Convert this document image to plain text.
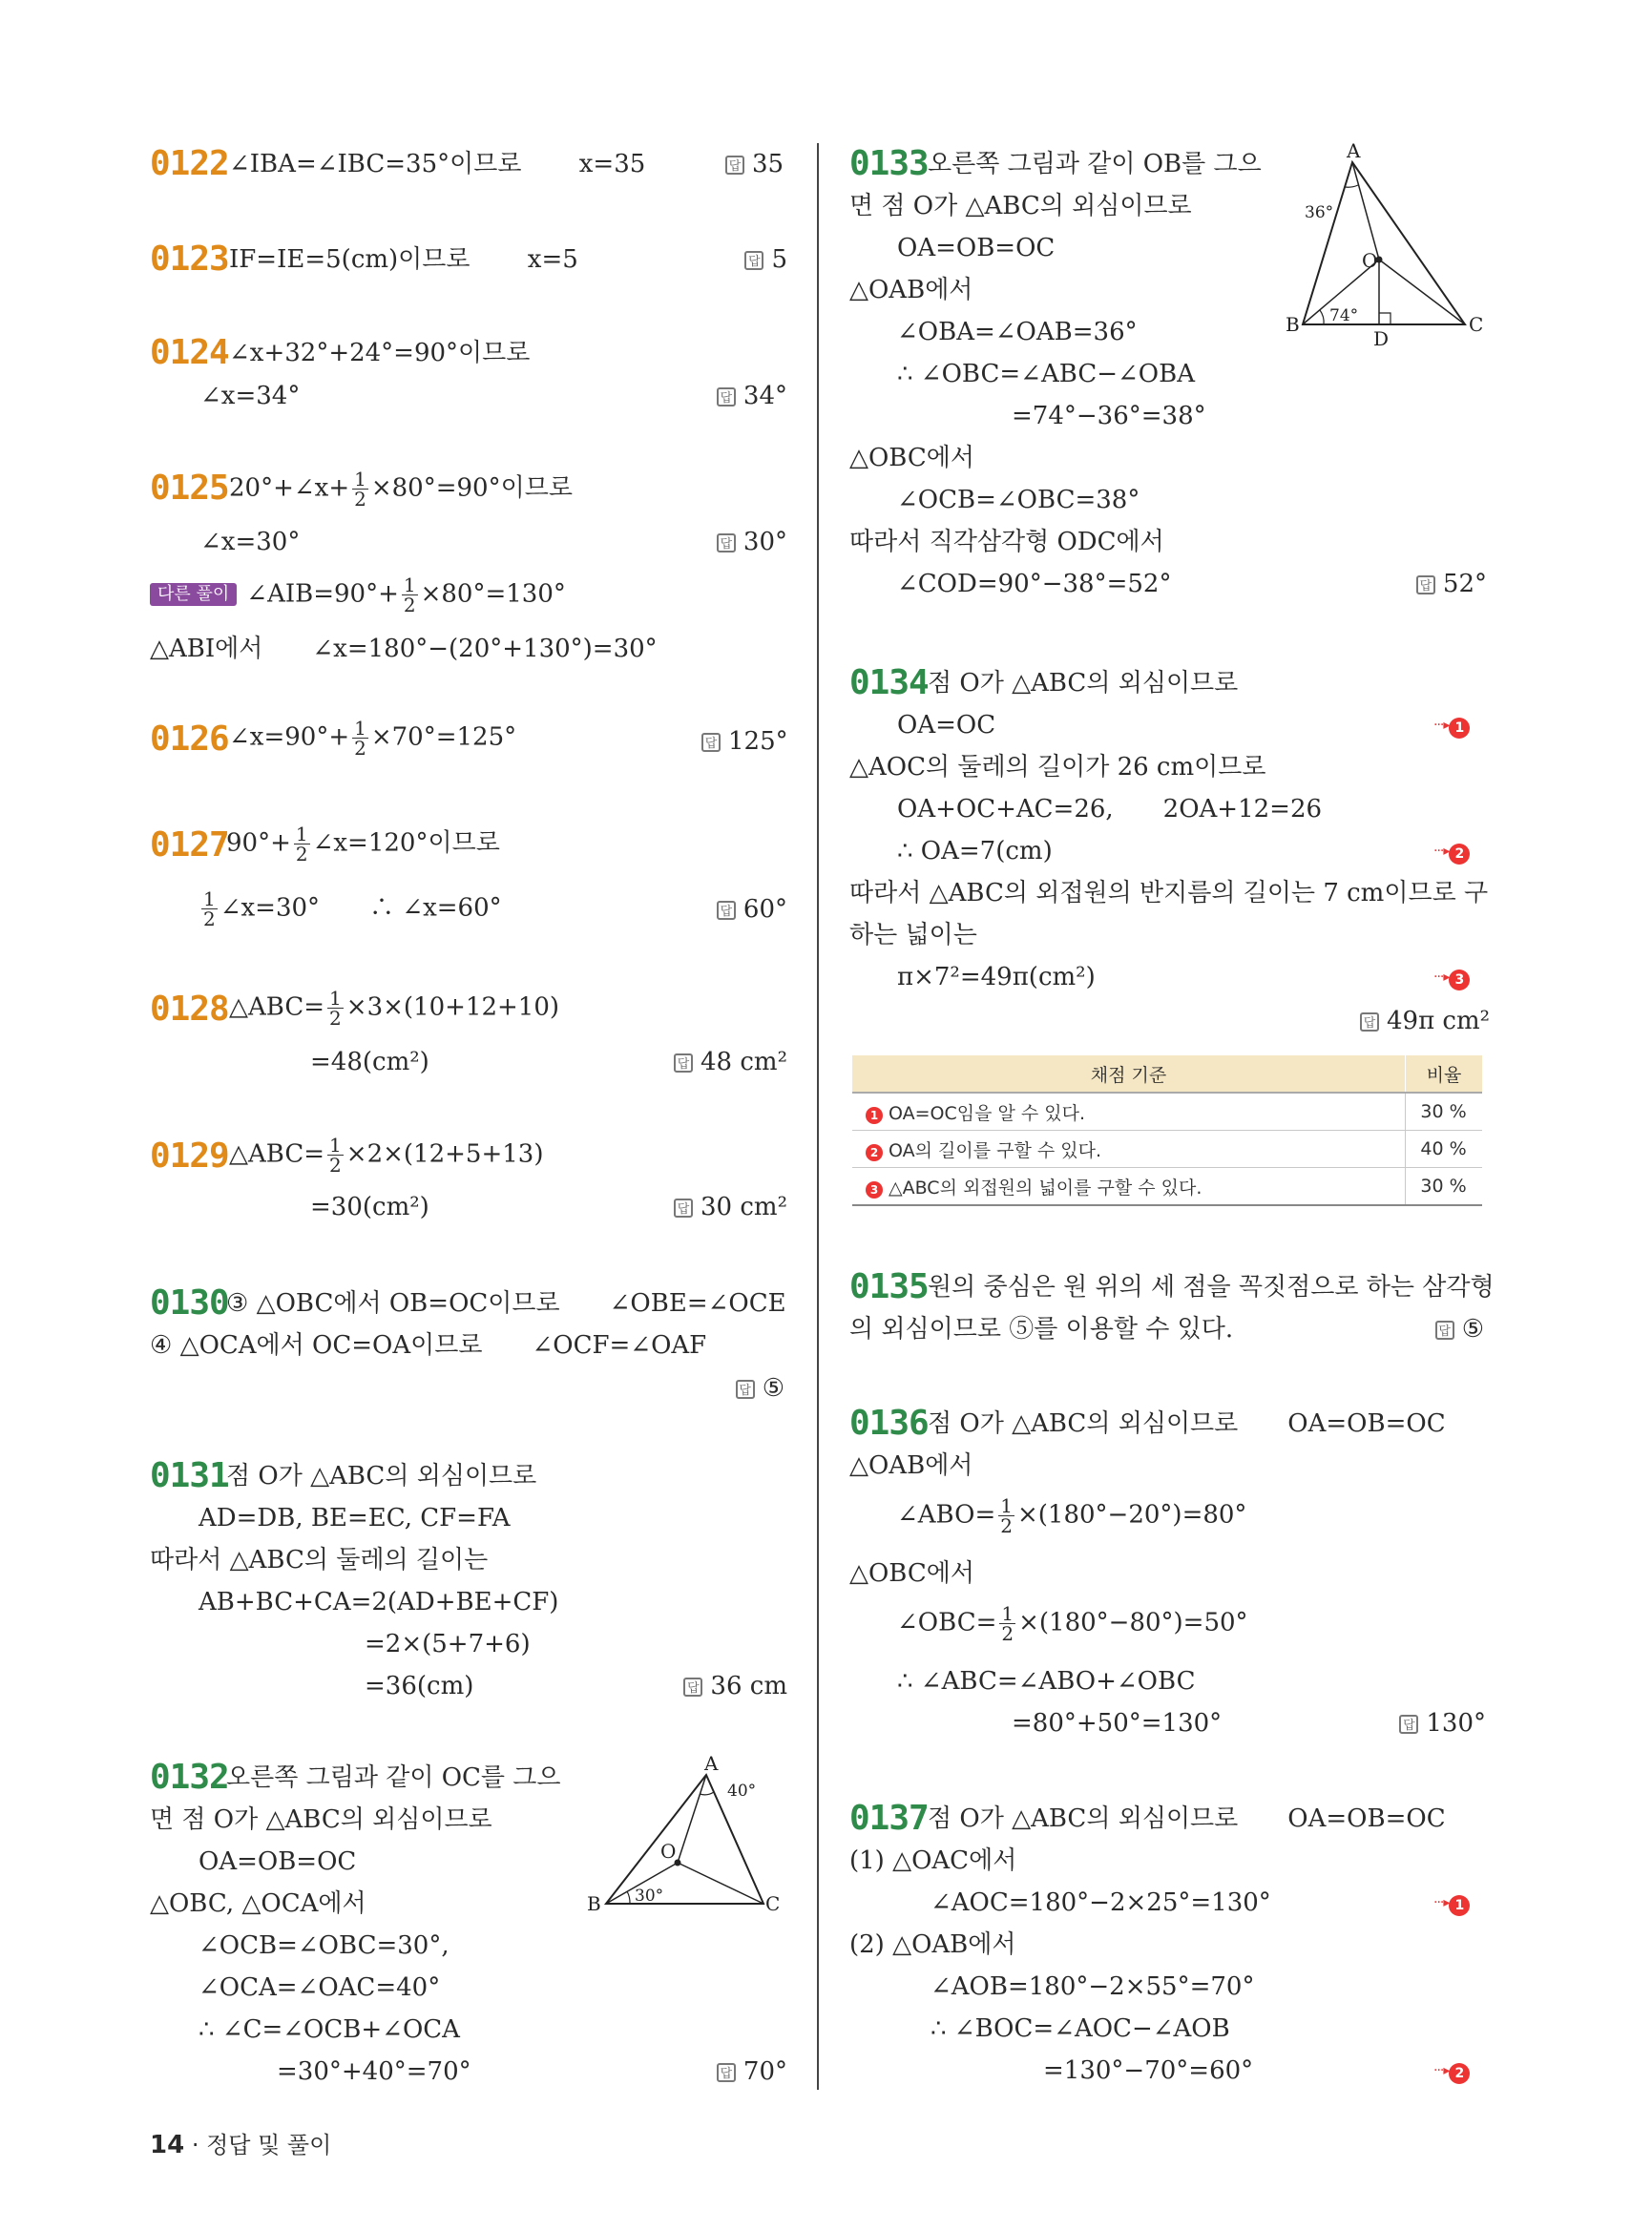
0122 ∠IBA=∠IBC=35°이므로　　 x=35	답 35
0123 IF=IE=5(cm)이므로　　 x=5	답 5
0124 ∠x+32°+24°=90°이므로
∠x=34°	답 34°
0125 20°+∠x+ $\frac{1}{2} \times 80^\circ=90^\circ$이므로
∠x=30°	답 30°
다른 풀이 ∠AIB=90°+ $\frac{1}{2} \times 80^\circ=130^\circ$
△ABI에서　　∠x=180°−(20°+130°)=30°
0126 ∠x=90°+ $\frac{1}{2} \times 70^\circ=125^\circ$	답 125°
0127
$90^\circ+ \frac{1}{2}$ ∠x=120°이므로
$\frac{1}{2}$ ∠x=30°　　∴ ∠x=60°	답 60°
0128 △ABC= $\frac{1}{2} \times 3\times(10+12+10)$
=48(cm²)	답 48 cm²
0129 △ABC= $\frac{1}{2} \times 2\times(12+5+13)$
=30(cm²)	답 30 cm²
0130
③ △OBC에서 OB=OC이므로　　∠OBE=∠OCE
④ △OCA에서 OC=OA이므로　　∠OCF=∠OAF
답 ⑤
0131
점 O가 △ABC의 외심이므로
AD=DB, BE=EC, CF=FA
따라서 △ABC의 둘레의 길이는
AB+BC+CA=2(AD+BE+CF)
=2×(5+7+6)
=36(cm)	답 36 cm
0132
오른쪽 그림과 같이 OC를 그으
면 점 O가 △ABC의 외심이므로
OA=OB=OC
△OBC, △OCA에서
∠OCB=∠OBC=30°,
∠OCA=∠OAC=40°
∴ ∠C=∠OCB+∠OCA
=30°+40°=70°	답 70°
A
B	C
O
40°
30°
0133 오른쪽 그림과 같이 OB를 그으
면 점 O가 △ABC의 외심이므로
OA=OB=OC
△OAB에서
∠OBA=∠OAB=36°
∴ ∠OBC=∠ABC−∠OBA
=74°−36°=38°
△OBC에서
∠OCB=∠OBC=38°
따라서 직각삼각형 ODC에서
∠COD=90°−38°=52°	답 52°
A
B	C
O
D
36°
74°
0134 점 O가 △ABC의 외심이므로
OA=OC	···▸ 1
△AOC의 둘레의 길이가 26 cm이므로
OA+OC+AC=26,　　2OA+12=26
∴ OA=7(cm)	···▸ 2
따라서 △ABC의 외접원의 반지름의 길이는 7 cm이므로 구
하는 넓이는
π×7²=49π(cm²)	···▸ 3
답 49π cm²
채점 기준	비율
1 OA=OC임을 알 수 있다.	30 %
2 OA의 길이를 구할 수 있다.	40 %
3 △ABC의 외접원의 넓이를 구할 수 있다.	30 %
0135 원의 중심은 원 위의 세 점을 꼭짓점으로 하는 삼각형
의 외심이므로 ⑤를 이용할 수 있다.	답 ⑤
0136 점 O가 △ABC의 외심이므로　　OA=OB=OC
△OAB에서
∠ABO= $\frac{1}{2} \times(180^\circ-20^\circ)=80^\circ$
△OBC에서
∠OBC= $\frac{1}{2} \times(180^\circ-80^\circ)=50^\circ$
∴ ∠ABC=∠ABO+∠OBC
=80°+50°=130°	답 130°
0137 점 O가 △ABC의 외심이므로　　OA=OB=OC
(1) △OAC에서
∠AOC=180°−2×25°=130°	···▸ 1
(2) △OAB에서
∠AOB=180°−2×55°=70°
∴ ∠BOC=∠AOC−∠AOB
=130°−70°=60°	···▸ 2
14 · 정답 및 풀이
